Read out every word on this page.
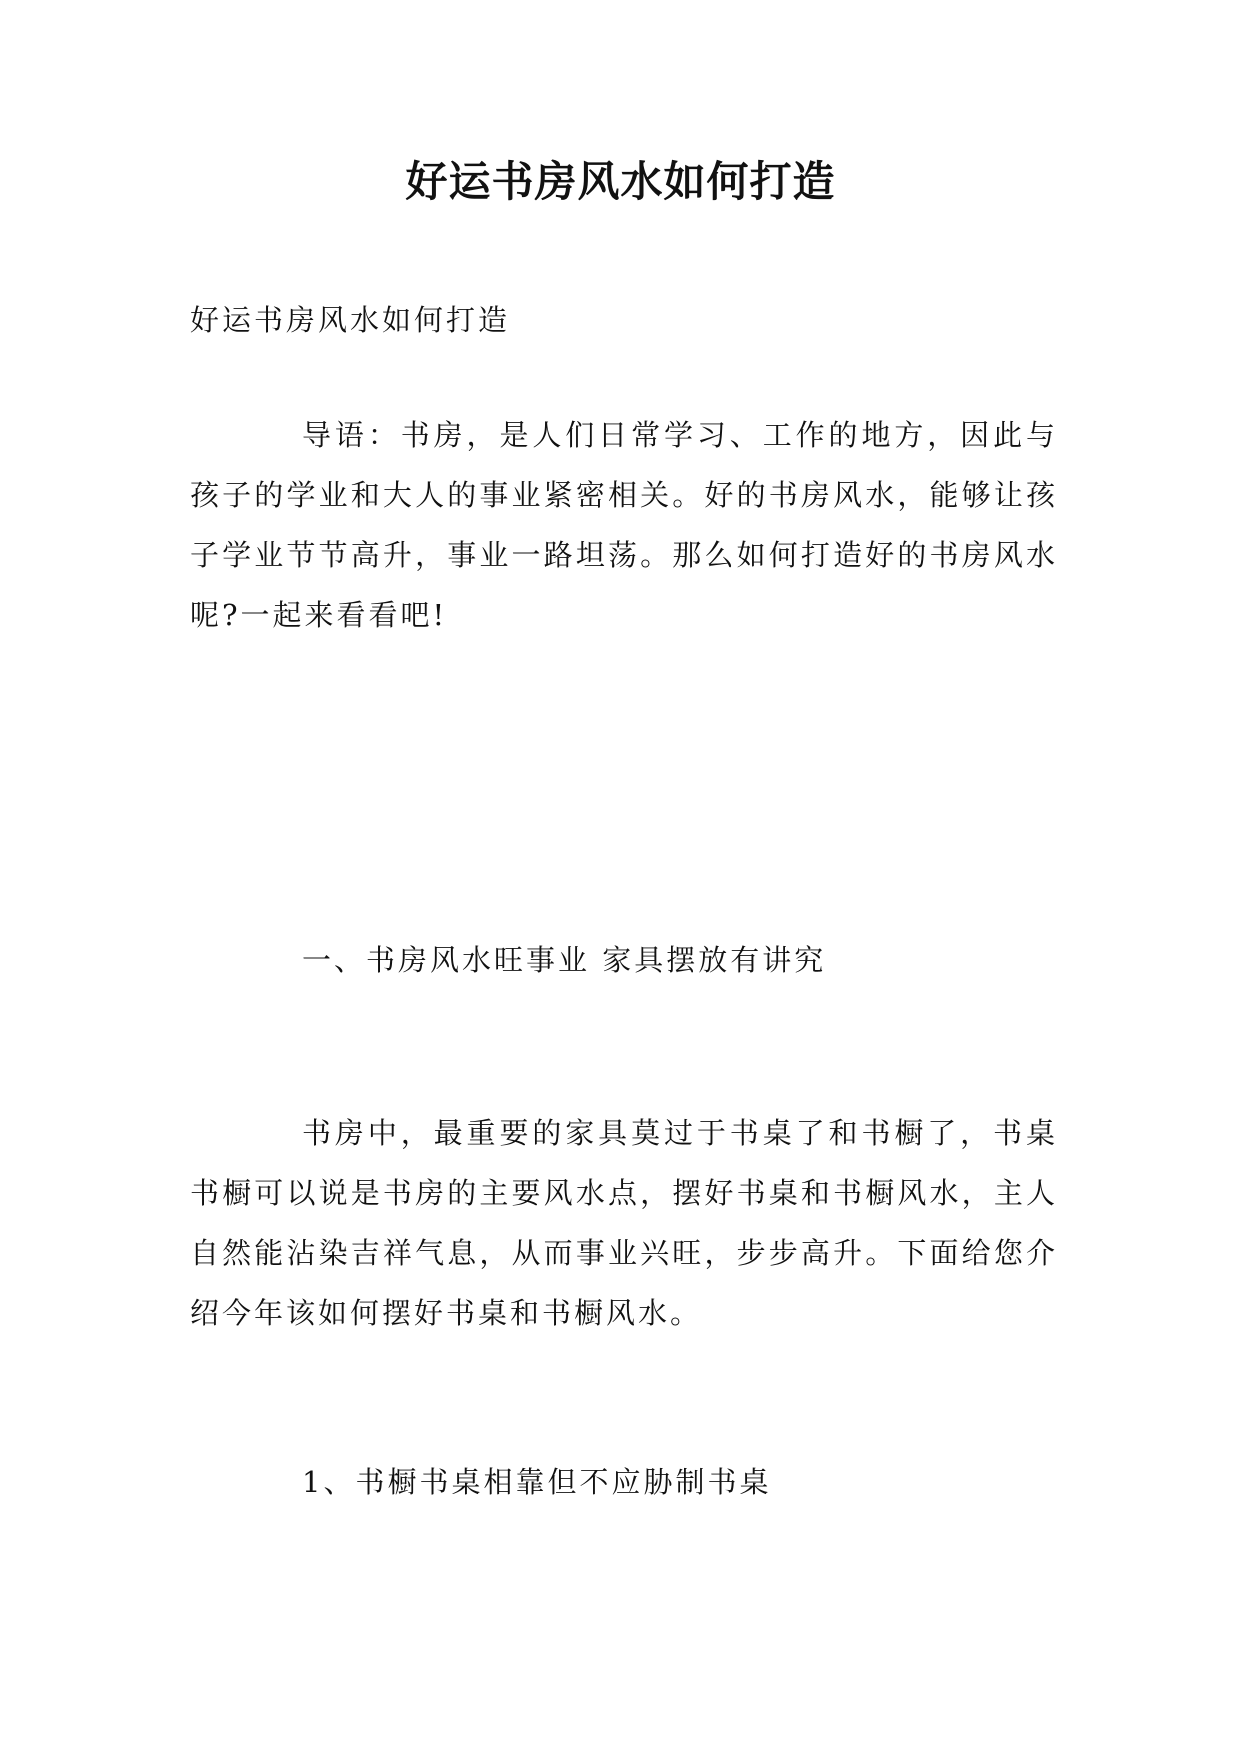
好运书房风水如何打造
好运书房风水如何打造
导语：书房，是人们日常学习、工作的地方，因此与孩子的学业和大人的事业紧密相关。好的书房风水，能够让孩子学业节节高升，事业一路坦荡。那么如何打造好的书房风水呢?一起来看看吧!
一、书房风水旺事业 家具摆放有讲究
书房中，最重要的家具莫过于书桌了和书橱了，书桌书橱可以说是书房的主要风水点，摆好书桌和书橱风水，主人自然能沾染吉祥气息，从而事业兴旺，步步高升。下面给您介绍今年该如何摆好书桌和书橱风水。
1、书橱书桌相靠但不应胁制书桌
